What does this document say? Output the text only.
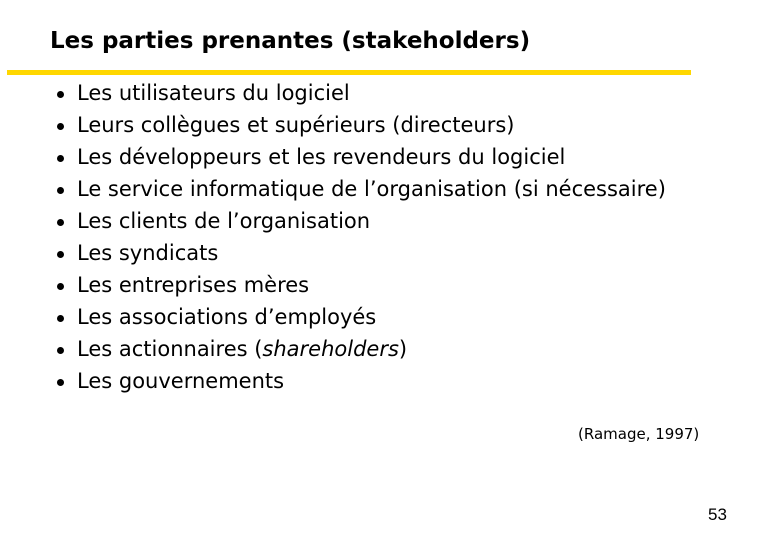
Les parties prenantes (stakeholders)
Les utilisateurs du logiciel
Leurs collègues et supérieurs (directeurs)
Les développeurs et les revendeurs du logiciel
Le service informatique de l’organisation (si nécessaire)
Les clients de l’organisation
Les syndicats
Les entreprises mères
Les associations d’employés
Les actionnaires (shareholders)
Les gouvernements
(Ramage, 1997)
53
